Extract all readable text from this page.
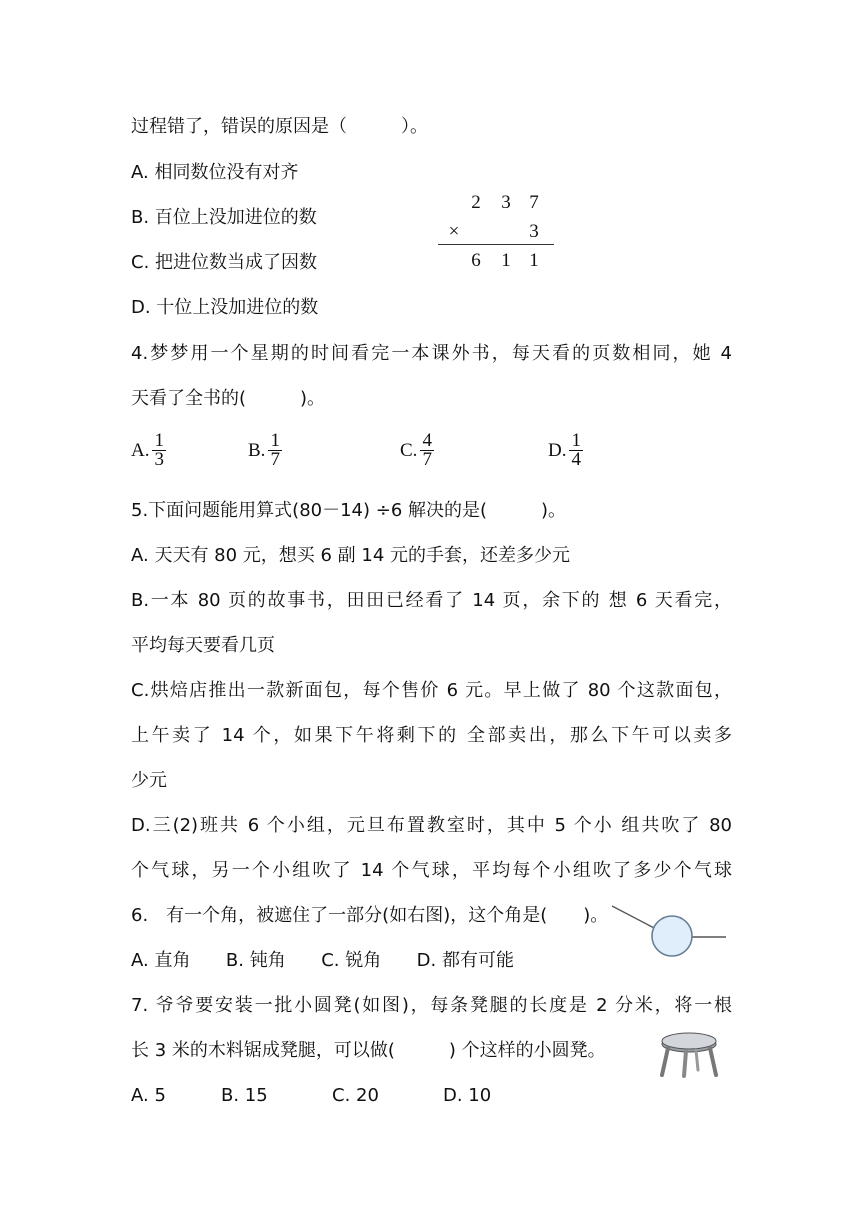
过程错了，错误的原因是（　　　）。
A. 相同数位没有对齐
B. 百位上没加进位的数
C. 把进位数当成了因数
D. 十位上没加进位的数
2 3 7
×	3
6 1 1
4.梦梦用一个星期的时间看完一本课外书，每天看的页数相同，她 4
天看了全书的(　　　)。
A. $\frac{1}{3}$	B. $\frac{1}{7}$	C. $\frac{4}{7}$	D. $\frac{1}{4}$
5.下面问题能用算式(80－14) ÷6 解决的是(　　　)。
A. 天天有 80 元，想买 6 副 14 元的手套，还差多少元
B.一本 80 页的故事书，田田已经看了 14 页，余下的 想 6 天看完，
平均每天要看几页
C.烘焙店推出一款新面包，每个售价 6 元。早上做了 80 个这款面包，
上午卖了 14 个，如果下午将剩下的 全部卖出，那么下午可以卖多
少元
D.三(2)班共 6 个小组，元旦布置教室时，其中 5 个小 组共吹了 80
个气球，另一个小组吹了 14 个气球，平均每个小组吹了多少个气球
6.　有一个角，被遮住了一部分(如右图)，这个角是(　　)。
A. 直角 B. 钝角 C. 锐角 D. 都有可能
7. 爷爷要安装一批小圆凳(如图)，每条凳腿的长度是 2 分米，将一根
长 3 米的木料锯成凳腿，可以做(　　　) 个这样的小圆凳。
A. 5	B. 15	C. 20	D. 10
